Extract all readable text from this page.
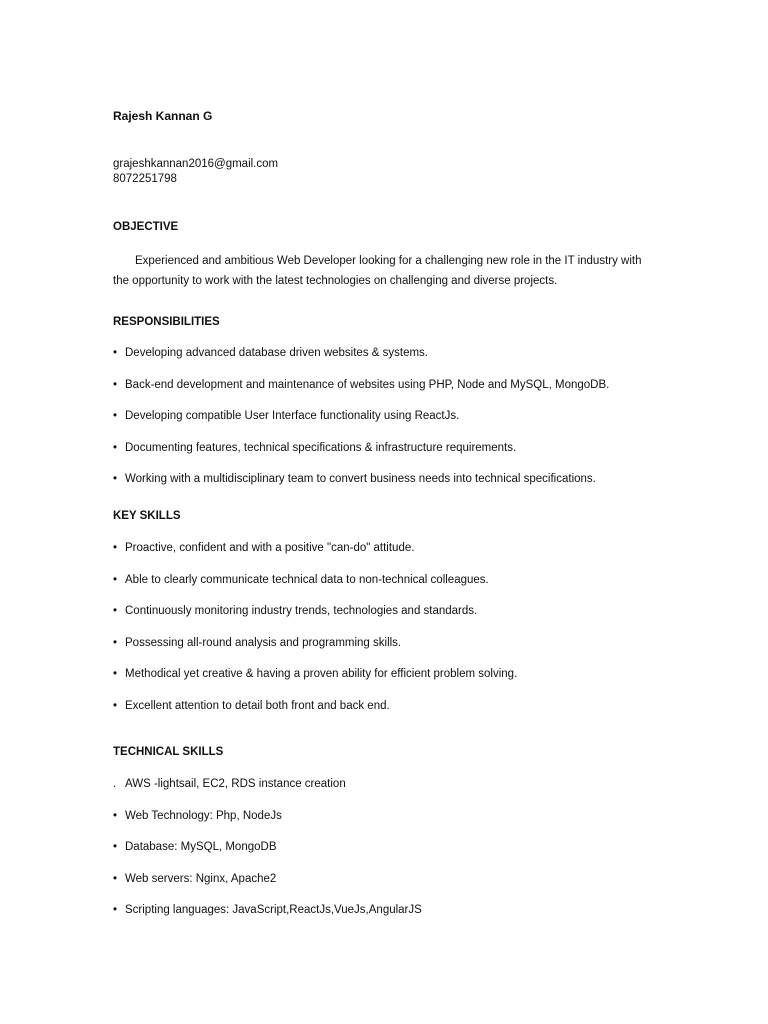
Rajesh Kannan G
grajeshkannan2016@gmail.com
8072251798
OBJECTIVE
Experienced and ambitious Web Developer looking for a challenging new role in the IT industry with the opportunity to work with the latest technologies on challenging and diverse projects.
RESPONSIBILITIES
• Developing advanced database driven websites & systems.
• Back-end development and maintenance of websites using PHP, Node and MySQL, MongoDB.
• Developing compatible User Interface functionality using ReactJs.
• Documenting features, technical specifications & infrastructure requirements.
• Working with a multidisciplinary team to convert business needs into technical specifications.
KEY SKILLS
• Proactive, confident and with a positive "can-do" attitude.
• Able to clearly communicate technical data to non-technical colleagues.
• Continuously monitoring industry trends, technologies and standards.
• Possessing all-round analysis and programming skills.
• Methodical yet creative & having a proven ability for efficient problem solving.
• Excellent attention to detail both front and back end.
TECHNICAL SKILLS
. AWS -lightsail, EC2, RDS instance creation
• Web Technology: Php, NodeJs
• Database: MySQL, MongoDB
• Web servers: Nginx, Apache2
• Scripting languages: JavaScript,ReactJs,VueJs,AngularJS
